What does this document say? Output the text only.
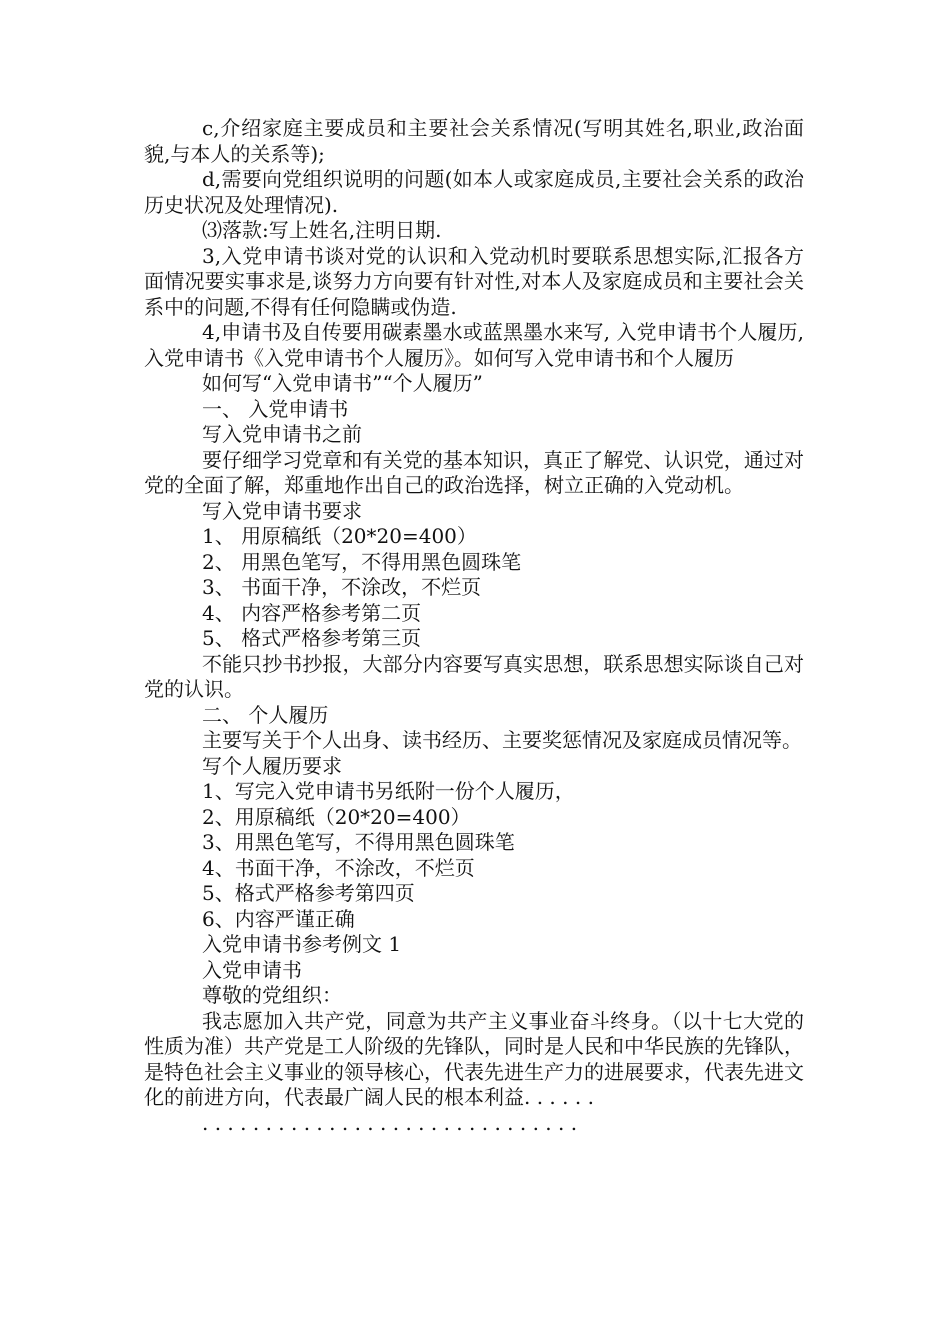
c,介绍家庭主要成员和主要社会关系情况(写明其姓名,职业,政治面貌,与本人的关系等);

d,需要向党组织说明的问题(如本人或家庭成员,主要社会关系的政治历史状况及处理情况).

⑶落款:写上姓名,注明日期.

3,入党申请书谈对党的认识和入党动机时要联系思想实际,汇报各方面情况要实事求是,谈努力方向要有针对性,对本人及家庭成员和主要社会关系中的问题,不得有任何隐瞒或伪造.

4,申请书及自传要用碳素墨水或蓝黑墨水来写, 入党申请书个人履历, 入党申请书《入党申请书个人履历》。如何写入党申请书和个人履历

如何写“入党申请书”“个人履历”

一、 入党申请书

写入党申请书之前

要仔细学习党章和有关党的基本知识，真正了解党、认识党，通过对党的全面了解，郑重地作出自己的政治选择，树立正确的入党动机。

写入党申请书要求

1、 用原稿纸（20*20=400）

2、 用黑色笔写，不得用黑色圆珠笔

3、 书面干净，不涂改，不烂页

4、 内容严格参考第二页

5、 格式严格参考第三页

不能只抄书抄报，大部分内容要写真实思想，联系思想实际谈自己对党的认识。

二、 个人履历

主要写关于个人出身、读书经历、主要奖惩情况及家庭成员情况等。

写个人履历要求

1、写完入党申请书另纸附一份个人履历，

2、用原稿纸（20*20=400）

3、用黑色笔写，不得用黑色圆珠笔

4、书面干净，不涂改，不烂页

5、格式严格参考第四页

6、内容严谨正确

入党申请书参考例文 1

入党申请书

尊敬的党组织：

我志愿加入共产党，同意为共产主义事业奋斗终身。（以十七大党的性质为准）共产党是工人阶级的先锋队，同时是人民和中华民族的先锋队，是特色社会主义事业的领导核心，代表先进生产力的进展要求，代表先进文化的前进方向，代表最广阔人民的根本利益. . . . . .

. . . . . . . . . . . . . . . . . . . . . . . . . . . . . .
